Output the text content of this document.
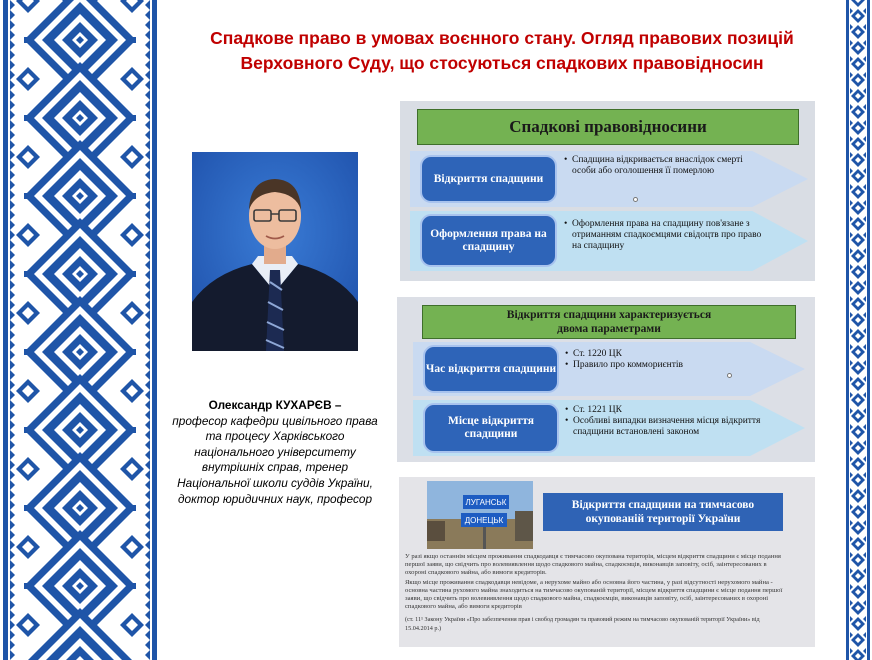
Спадкове право в умовах воєнного стану. Огляд правових позицій
Верховного Суду, що стосуються спадкових правовідносин
Олександр КУХАРЄВ –
професор кафедри цивільного права та процесу Харківського національного університету внутрішніх справ, тренер Національної школи суддів України, доктор юридичних наук, професор
Спадкові правовідносини
Відкриття спадщини
• Спадщина відкривається внаслідок смерті особи або оголошення її померлою
Оформлення права на спадщину
• Оформлення права на спадщину пов'язане з отриманням спадкоємцями свідоцтв про право на спадщину
Відкриття спадщини характеризується
двома параметрами
Час відкриття спадщини
• Ст. 1220 ЦК
• Правило про коммориєнтів
Місце відкриття спадщини
• Ст. 1221 ЦК
• Особливі випадки визначення місця відкриття спадщини встановлені законом
ЛУГАНСЬК
ДОНЕЦЬК
Відкриття спадщини на тимчасово окупованій території України

У разі якщо останнім місцем проживання спадкодавця є тимчасово окупована територія, місцем відкриття спадщини є місце подання першої заяви, що свідчить про волевиявлення щодо спадкового майна, спадкоємців, виконавців заповіту, осіб, заінтересованих в охороні спадкового майна, або вимоги кредиторів.

Якщо місце проживання спадкодавця невідоме, а нерухоме майно або основна його частина, у разі відсутності нерухомого майна - основна частина рухомого майна знаходиться на тимчасово окупованій території, місцем відкриття спадщини є місце подання першої заяви, що свідчить про волевиявлення щодо спадкового майна, спадкоємців, виконавців заповіту, осіб, заінтересованих в охороні спадкового майна, або вимоги кредиторів

(ст. 11¹ Закону України «Про забезпечення прав і свобод громадян та правовий режим на тимчасово окупованій території України» від 15.04.2014 р.)
